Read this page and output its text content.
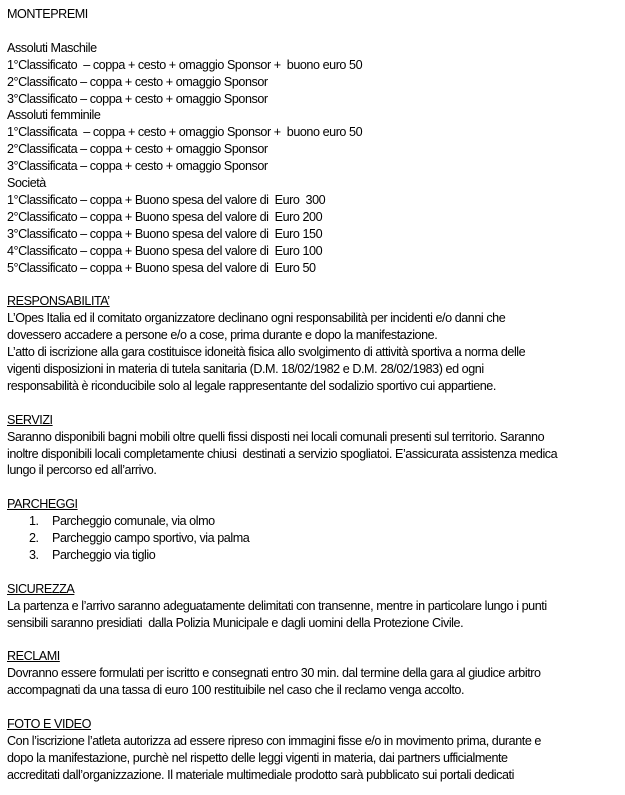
MONTEPREMI
Assoluti Maschile
1°Classificato  – coppa + cesto + omaggio Sponsor +  buono euro 50
2°Classificato – coppa + cesto + omaggio Sponsor
3°Classificato – coppa + cesto + omaggio Sponsor
Assoluti femminile
1°Classificata  – coppa + cesto + omaggio Sponsor +  buono euro 50
2°Classificata – coppa + cesto + omaggio Sponsor
3°Classificata – coppa + cesto + omaggio Sponsor
Società
1°Classificato – coppa + Buono spesa del valore di  Euro  300
2°Classificato – coppa + Buono spesa del valore di  Euro 200
3°Classificato – coppa + Buono spesa del valore di  Euro 150
4°Classificato – coppa + Buono spesa del valore di  Euro 100
5°Classificato – coppa + Buono spesa del valore di  Euro 50
RESPONSABILITA’
L’Opes Italia ed il comitato organizzatore declinano ogni responsabilità per incidenti e/o danni che
dovessero accadere a persone e/o a cose, prima durante e dopo la manifestazione.
L’atto di iscrizione alla gara costituisce idoneità fisica allo svolgimento di attività sportiva a norma delle
vigenti disposizioni in materia di tutela sanitaria (D.M. 18/02/1982 e D.M. 28/02/1983) ed ogni
responsabilità è riconducibile solo al legale rappresentante del sodalizio sportivo cui appartiene.
SERVIZI
Saranno disponibili bagni mobili oltre quelli fissi disposti nei locali comunali presenti sul territorio. Saranno
inoltre disponibili locali completamente chiusi  destinati a servizio spogliatoi. E’assicurata assistenza medica
lungo il percorso ed all’arrivo.
PARCHEGGI
1. Parcheggio comunale, via olmo
2. Parcheggio campo sportivo, via palma
3. Parcheggio via tiglio
SICUREZZA
La partenza e l’arrivo saranno adeguatamente delimitati con transenne, mentre in particolare lungo i punti
sensibili saranno presidiati  dalla Polizia Municipale e dagli uomini della Protezione Civile.
RECLAMI
Dovranno essere formulati per iscritto e consegnati entro 30 min. dal termine della gara al giudice arbitro
accompagnati da una tassa di euro 100 restituibile nel caso che il reclamo venga accolto.
FOTO E VIDEO
Con l’iscrizione l’atleta autorizza ad essere ripreso con immagini fisse e/o in movimento prima, durante e
dopo la manifestazione, purchè nel rispetto delle leggi vigenti in materia, dai partners ufficialmente
accreditati dall’organizzazione. Il materiale multimediale prodotto sarà pubblicato sui portali dedicati
